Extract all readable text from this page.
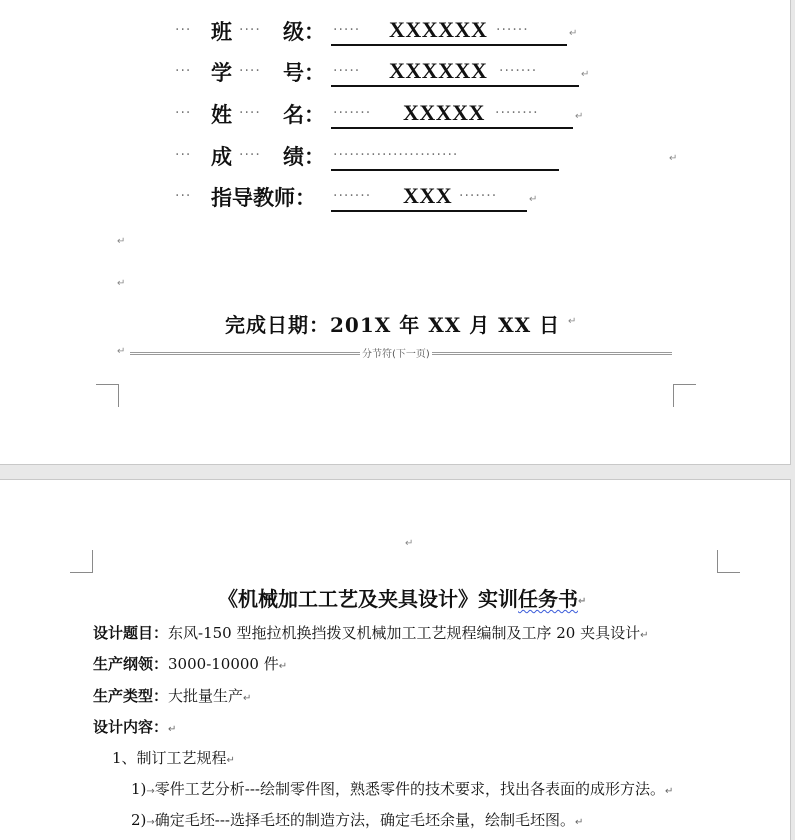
··· 班 ···· 级： ····· XXXXXX ······	↵
··· 学 ···· 号： ····· XXXXXX ·······	↵
··· 姓 ···· 名： ······· XXXXX ········	↵
··· 成 ···· 绩： ·······················	↵
··· 指导教师： ······· XXX ·······	↵
↵
↵
完成日期：201X 年 XX 月 XX 日 ↵
↵	分节符(下一页)
↵
《机械加工工艺及夹具设计》实训任务书↵
设计题目：东风-150 型拖拉机换挡拨叉机械加工工艺规程编制及工序 20 夹具设计↵
生产纲领：3000-10000 件↵
生产类型：大批量生产↵
设计内容：↵
1、制订工艺规程↵
1)→零件工艺分析---绘制零件图，熟悉零件的技术要求，找出各表面的成形方法。↵
2)→确定毛坯---选择毛坯的制造方法，确定毛坯余量，绘制毛坯图。↵
